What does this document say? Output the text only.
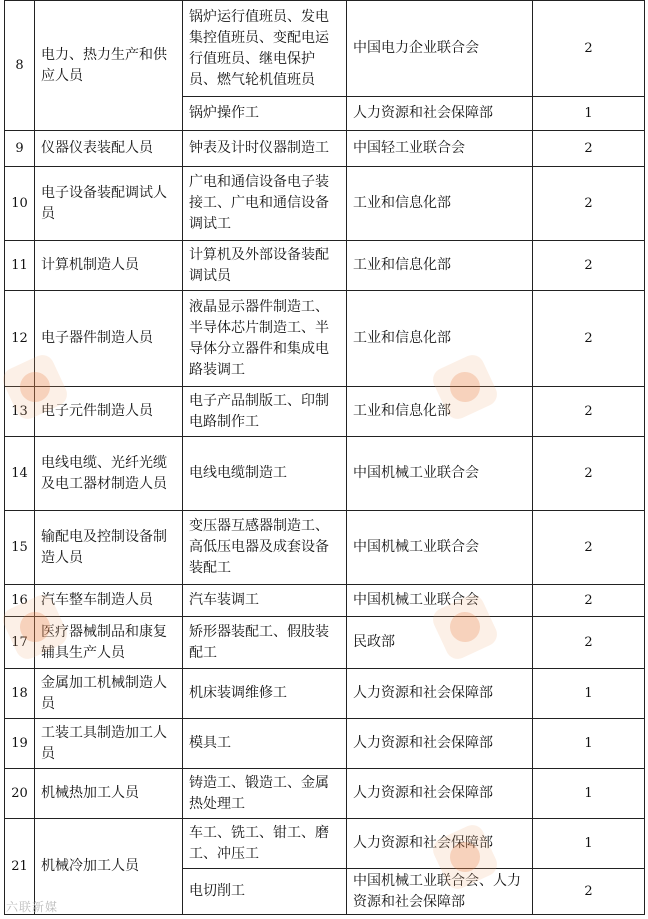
8	电力、热力生产和供应人员	锅炉运行值班员、发电集控值班员、变配电运行值班员、继电保护员、燃气轮机值班员	中国电力企业联合会	2
		锅炉操作工	人力资源和社会保障部	1
9	仪器仪表装配人员	钟表及计时仪器制造工	中国轻工业联合会	2
10	电子设备装配调试人员	广电和通信设备电子装接工、广电和通信设备调试工	工业和信息化部	2
11	计算机制造人员	计算机及外部设备装配调试员	工业和信息化部	2
12	电子器件制造人员	液晶显示器件制造工、半导体芯片制造工、半导体分立器件和集成电路装调工	工业和信息化部	2
13	电子元件制造人员	电子产品制版工、印制电路制作工	工业和信息化部	2
14	电线电缆、光纤光缆及电工器材制造人员	电线电缆制造工	中国机械工业联合会	2
15	输配电及控制设备制造人员	变压器互感器制造工、高低压电器及成套设备装配工	中国机械工业联合会	2
16	汽车整车制造人员	汽车装调工	中国机械工业联合会	2
17	医疗器械制品和康复辅具生产人员	矫形器装配工、假肢装配工	民政部	2
18	金属加工机械制造人员	机床装调维修工	人力资源和社会保障部	1
19	工装工具制造加工人员	模具工	人力资源和社会保障部	1
20	机械热加工人员	铸造工、锻造工、金属热处理工	人力资源和社会保障部	1
21	机械冷加工人员	车工、铣工、钳工、磨工、冲压工	人力资源和社会保障部	1
		电切削工	中国机械工业联合会、人力资源和社会保障部	2
六联新媒
